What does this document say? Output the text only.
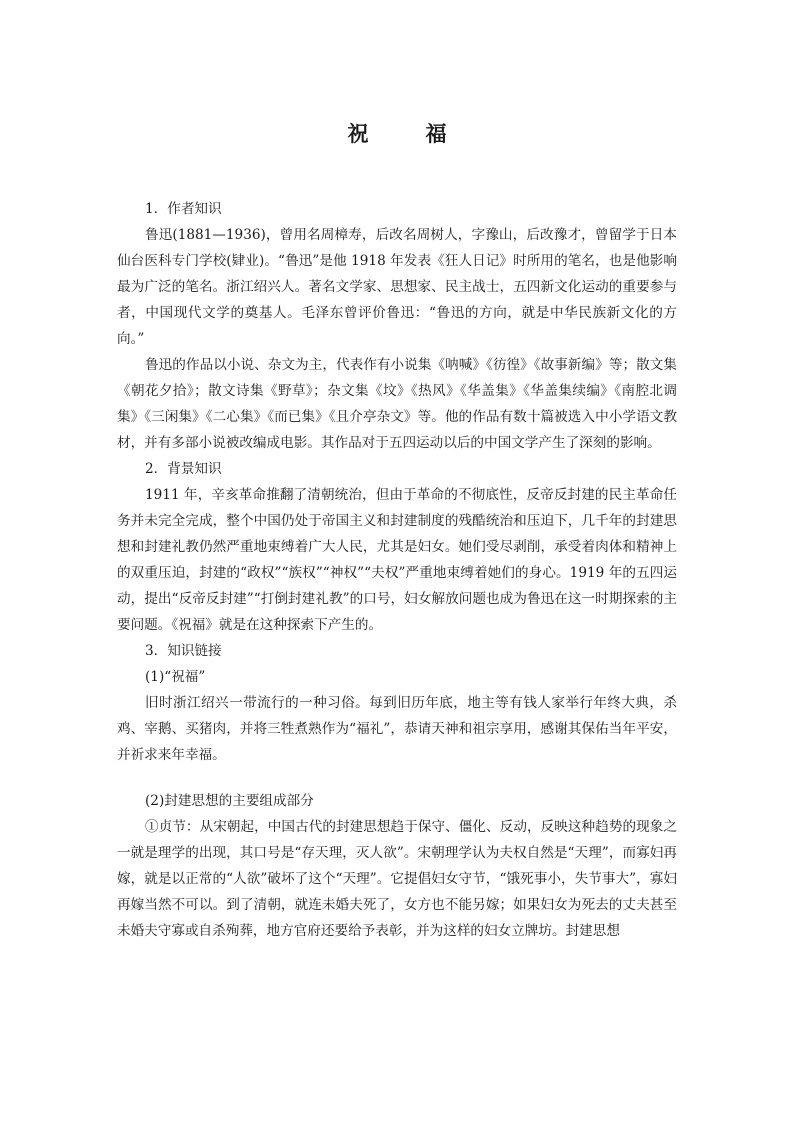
祝　福

1．作者知识

鲁迅(1881—1936)，曾用名周樟寿，后改名周树人，字豫山，后改豫才，曾留学于日本仙台医科专门学校(肄业)。“鲁迅”是他 1918 年发表《狂人日记》时所用的笔名，也是他影响最为广泛的笔名。浙江绍兴人。著名文学家、思想家、民主战士，五四新文化运动的重要参与者，中国现代文学的奠基人。毛泽东曾评价鲁迅：“鲁迅的方向，就是中华民族新文化的方向。”

鲁迅的作品以小说、杂文为主，代表作有小说集《呐喊》《彷徨》《故事新编》等；散文集《朝花夕拾》；散文诗集《野草》；杂文集《坟》《热风》《华盖集》《华盖集续编》《南腔北调集》《三闲集》《二心集》《而已集》《且介亭杂文》等。他的作品有数十篇被选入中小学语文教材，并有多部小说被改编成电影。其作品对于五四运动以后的中国文学产生了深刻的影响。

2．背景知识

1911 年，辛亥革命推翻了清朝统治，但由于革命的不彻底性，反帝反封建的民主革命任务并未完全完成，整个中国仍处于帝国主义和封建制度的残酷统治和压迫下，几千年的封建思想和封建礼教仍然严重地束缚着广大人民，尤其是妇女。她们受尽剥削，承受着肉体和精神上的双重压迫，封建的“政权”“族权”“神权”“夫权”严重地束缚着她们的身心。1919 年的五四运动，提出“反帝反封建”“打倒封建礼教”的口号，妇女解放问题也成为鲁迅在这一时期探索的主要问题。《祝福》就是在这种探索下产生的。

3．知识链接

(1)“祝福”

旧时浙江绍兴一带流行的一种习俗。每到旧历年底，地主等有钱人家举行年终大典，杀鸡、宰鹅、买猪肉，并将三牲煮熟作为“福礼”，恭请天神和祖宗享用，感谢其保佑当年平安，并祈求来年幸福。

(2)封建思想的主要组成部分

①贞节：从宋朝起，中国古代的封建思想趋于保守、僵化、反动，反映这种趋势的现象之一就是理学的出现，其口号是“存天理，灭人欲”。宋朝理学认为夫权自然是“天理”，而寡妇再嫁，就是以正常的“人欲”破坏了这个“天理”。它提倡妇女守节，“饿死事小，失节事大”，寡妇再嫁当然不可以。到了清朝，就连未婚夫死了，女方也不能另嫁；如果妇女为死去的丈夫甚至未婚夫守寡或自杀殉葬，地方官府还要给予表彰，并为这样的妇女立牌坊。封建思想
